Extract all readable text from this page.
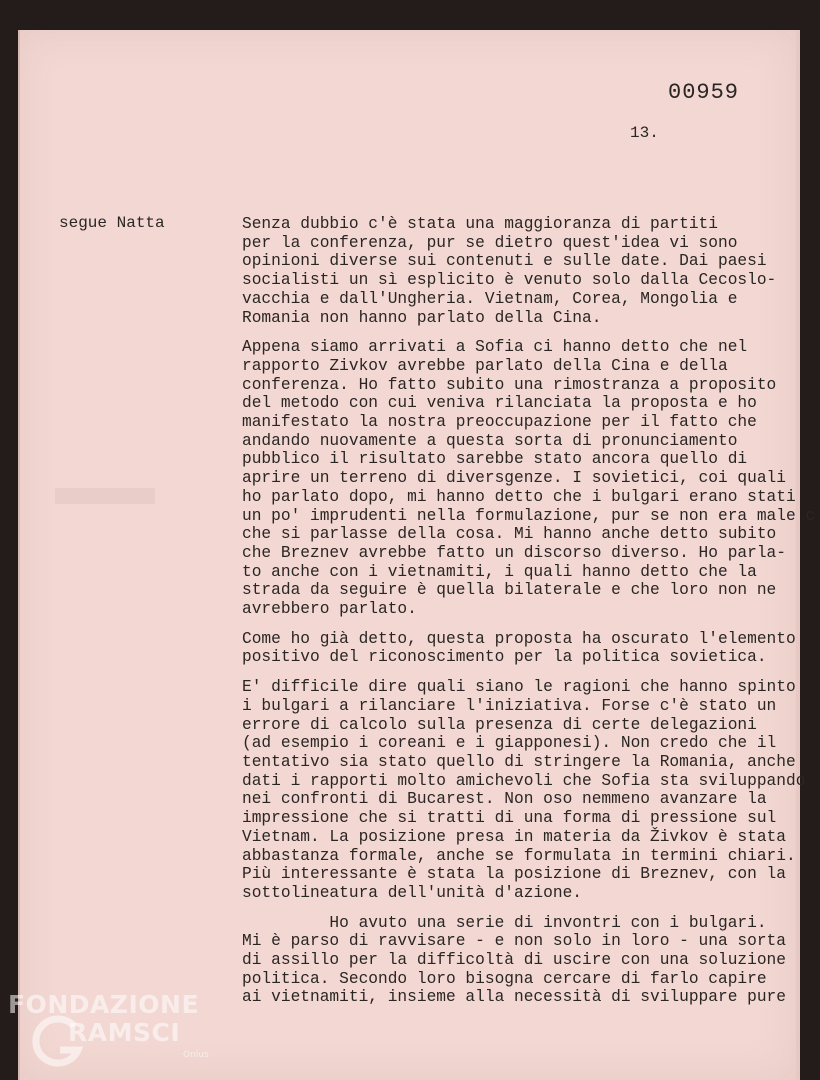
00959
13.
segue Natta	Senza dubbio c'è stata una maggioranza di partiti
per la conferenza, pur se dietro quest'idea vi sono
opinioni diverse sui contenuti e sulle date. Dai paesi
socialisti un sì esplicito è venuto solo dalla Cecoslo-
vacchia e dall'Ungheria. Vietnam, Corea, Mongolia e
Romania non hanno parlato della Cina.

Appena siamo arrivati a Sofia ci hanno detto che nel
rapporto Zivkov avrebbe parlato della Cina e della
conferenza. Ho fatto subito una rimostranza a proposito
del metodo con cui veniva rilanciata la proposta e ho
manifestato la nostra preoccupazione per il fatto che
andando nuovamente a questa sorta di pronunciamento
pubblico il risultato sarebbe stato ancora quello di
aprire un terreno di diversgenze. I sovietici, coi quali
ho parlato dopo, mi hanno detto che i bulgari erano stati
un po' imprudenti nella formulazione, pur se non era male c
che si parlasse della cosa. Mi hanno anche detto subito
che Breznev avrebbe fatto un discorso diverso. Ho parla-
to anche con i vietnamiti, i quali hanno detto che la
strada da seguire è quella bilaterale e che loro non ne
avrebbero parlato.

Come ho già detto, questa proposta ha oscurato l'elemento
positivo del riconoscimento per la politica sovietica.

E' difficile dire quali siano le ragioni che hanno spinto
i bulgari a rilanciare l'iniziativa. Forse c'è stato un
errore di calcolo sulla presenza di certe delegazioni
(ad esempio i coreani e i giapponesi). Non credo che il
tentativo sia stato quello di stringere la Romania, anche
dati i rapporti molto amichevoli che Sofia sta sviluppando
nei confronti di Bucarest. Non oso nemmeno avanzare la
impressione che si tratti di una forma di pressione sul
Vietnam. La posizione presa in materia da Živkov è stata
abbastanza formale, anche se formulata in termini chiari.
Più interessante è stata la posizione di Breznev, con la
sottolineatura dell'unità d'azione.

Ho avuto una serie di invontri con i bulgari.
Mi è parso di ravvisare - e non solo in loro - una sorta
di assillo per la difficoltà di uscire con una soluzione
politica. Secondo loro bisogna cercare di farlo capire
ai vietnamiti, insieme alla necessità di sviluppare pure

FONDAZIONE
RAMSCI
Onlus
